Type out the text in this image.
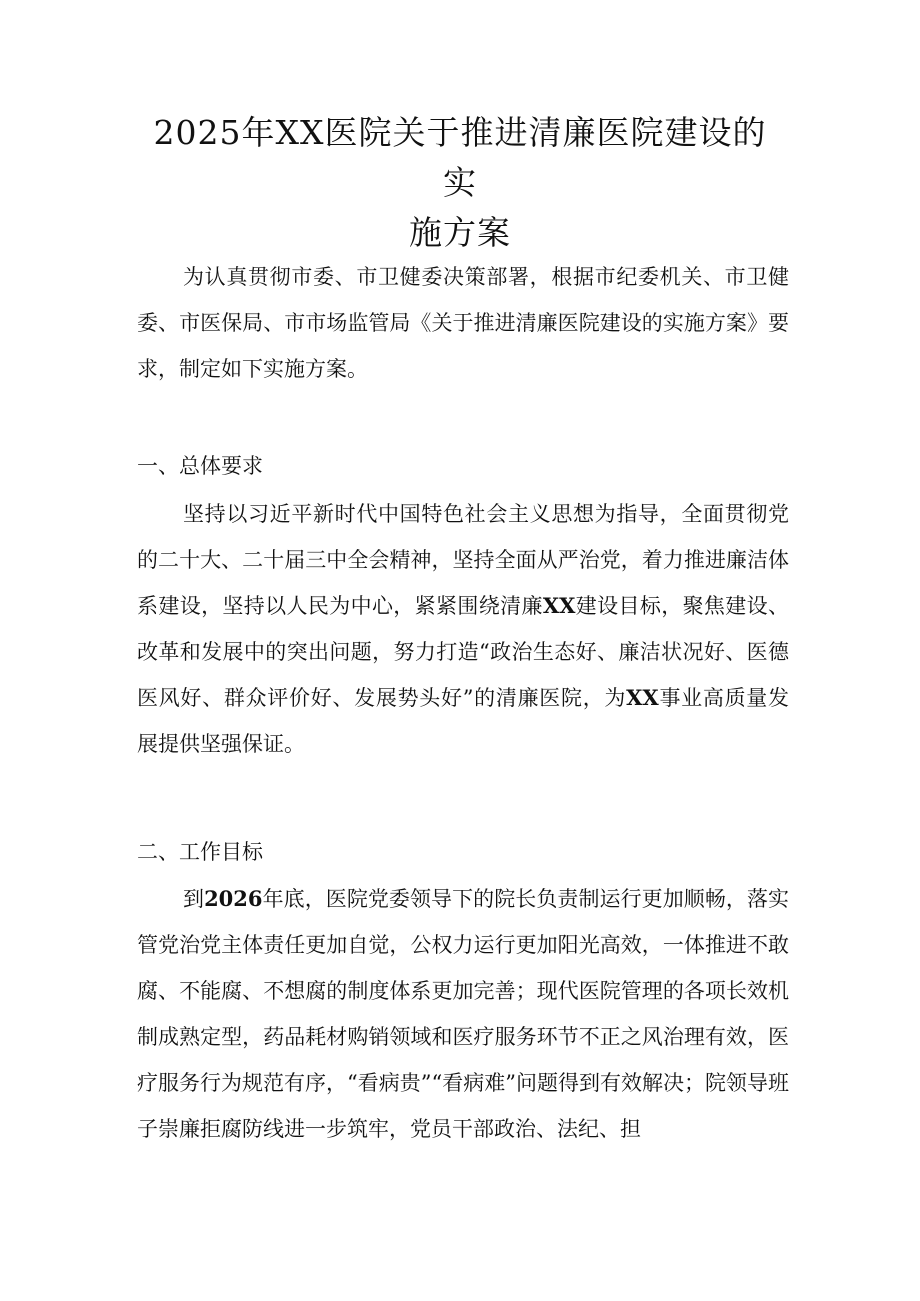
2025年XX医院关于推进清廉医院建设的实
施方案

为认真贯彻市委、市卫健委决策部署，根据市纪委机关、市卫健委、市医保局、市市场监管局《关于推进清廉医院建设的实施方案》要求，制定如下实施方案。

一、总体要求

坚持以习近平新时代中国特色社会主义思想为指导，全面贯彻党的二十大、二十届三中全会精神，坚持全面从严治党，着力推进廉洁体系建设，坚持以人民为中心，紧紧围绕清廉XX建设目标，聚焦建设、改革和发展中的突出问题，努力打造“政治生态好、廉洁状况好、医德医风好、群众评价好、发展势头好”的清廉医院，为XX事业高质量发展提供坚强保证。

二、工作目标

到2026年底，医院党委领导下的院长负责制运行更加顺畅，落实管党治党主体责任更加自觉，公权力运行更加阳光高效，一体推进不敢腐、不能腐、不想腐的制度体系更加完善；现代医院管理的各项长效机制成熟定型，药品耗材购销领域和医疗服务环节不正之风治理有效，医疗服务行为规范有序，“看病贵”“看病难”问题得到有效解决；院领导班子崇廉拒腐防线进一步筑牢，党员干部政治、法纪、担
